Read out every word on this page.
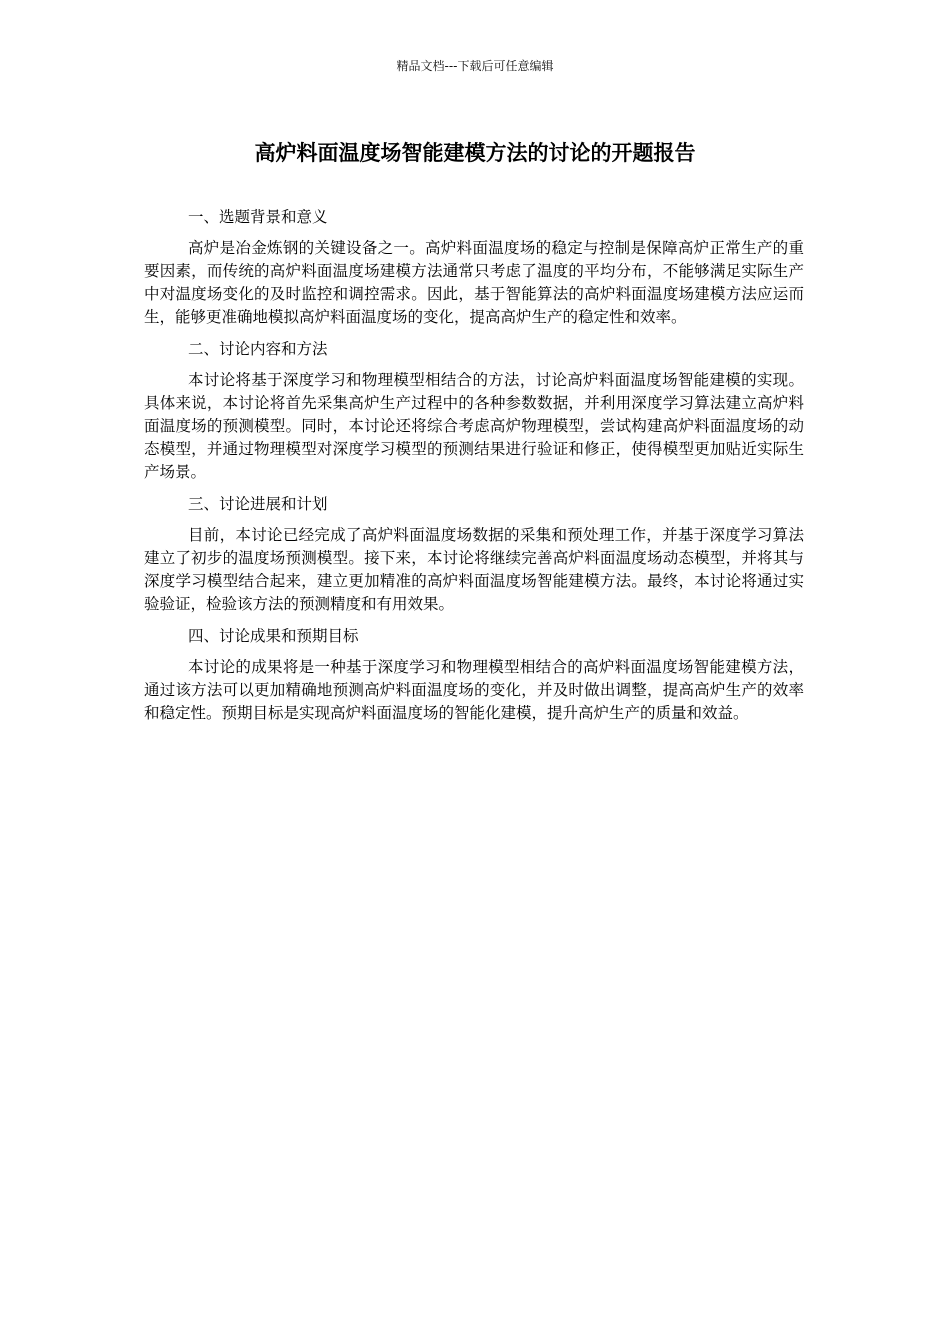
精品文档---下载后可任意编辑
高炉料面温度场智能建模方法的讨论的开题报告
一、选题背景和意义

高炉是冶金炼钢的关键设备之一。高炉料面温度场的稳定与控制是保障高炉正常生产的重要因素，而传统的高炉料面温度场建模方法通常只考虑了温度的平均分布，不能够满足实际生产中对温度场变化的及时监控和调控需求。因此，基于智能算法的高炉料面温度场建模方法应运而生，能够更准确地模拟高炉料面温度场的变化，提高高炉生产的稳定性和效率。

二、讨论内容和方法

本讨论将基于深度学习和物理模型相结合的方法，讨论高炉料面温度场智能建模的实现。具体来说，本讨论将首先采集高炉生产过程中的各种参数数据，并利用深度学习算法建立高炉料面温度场的预测模型。同时，本讨论还将综合考虑高炉物理模型，尝试构建高炉料面温度场的动态模型，并通过物理模型对深度学习模型的预测结果进行验证和修正，使得模型更加贴近实际生产场景。

三、讨论进展和计划

目前，本讨论已经完成了高炉料面温度场数据的采集和预处理工作，并基于深度学习算法建立了初步的温度场预测模型。接下来，本讨论将继续完善高炉料面温度场动态模型，并将其与深度学习模型结合起来，建立更加精准的高炉料面温度场智能建模方法。最终，本讨论将通过实验验证，检验该方法的预测精度和有用效果。

四、讨论成果和预期目标

本讨论的成果将是一种基于深度学习和物理模型相结合的高炉料面温度场智能建模方法，通过该方法可以更加精确地预测高炉料面温度场的变化，并及时做出调整，提高高炉生产的效率和稳定性。预期目标是实现高炉料面温度场的智能化建模，提升高炉生产的质量和效益。
